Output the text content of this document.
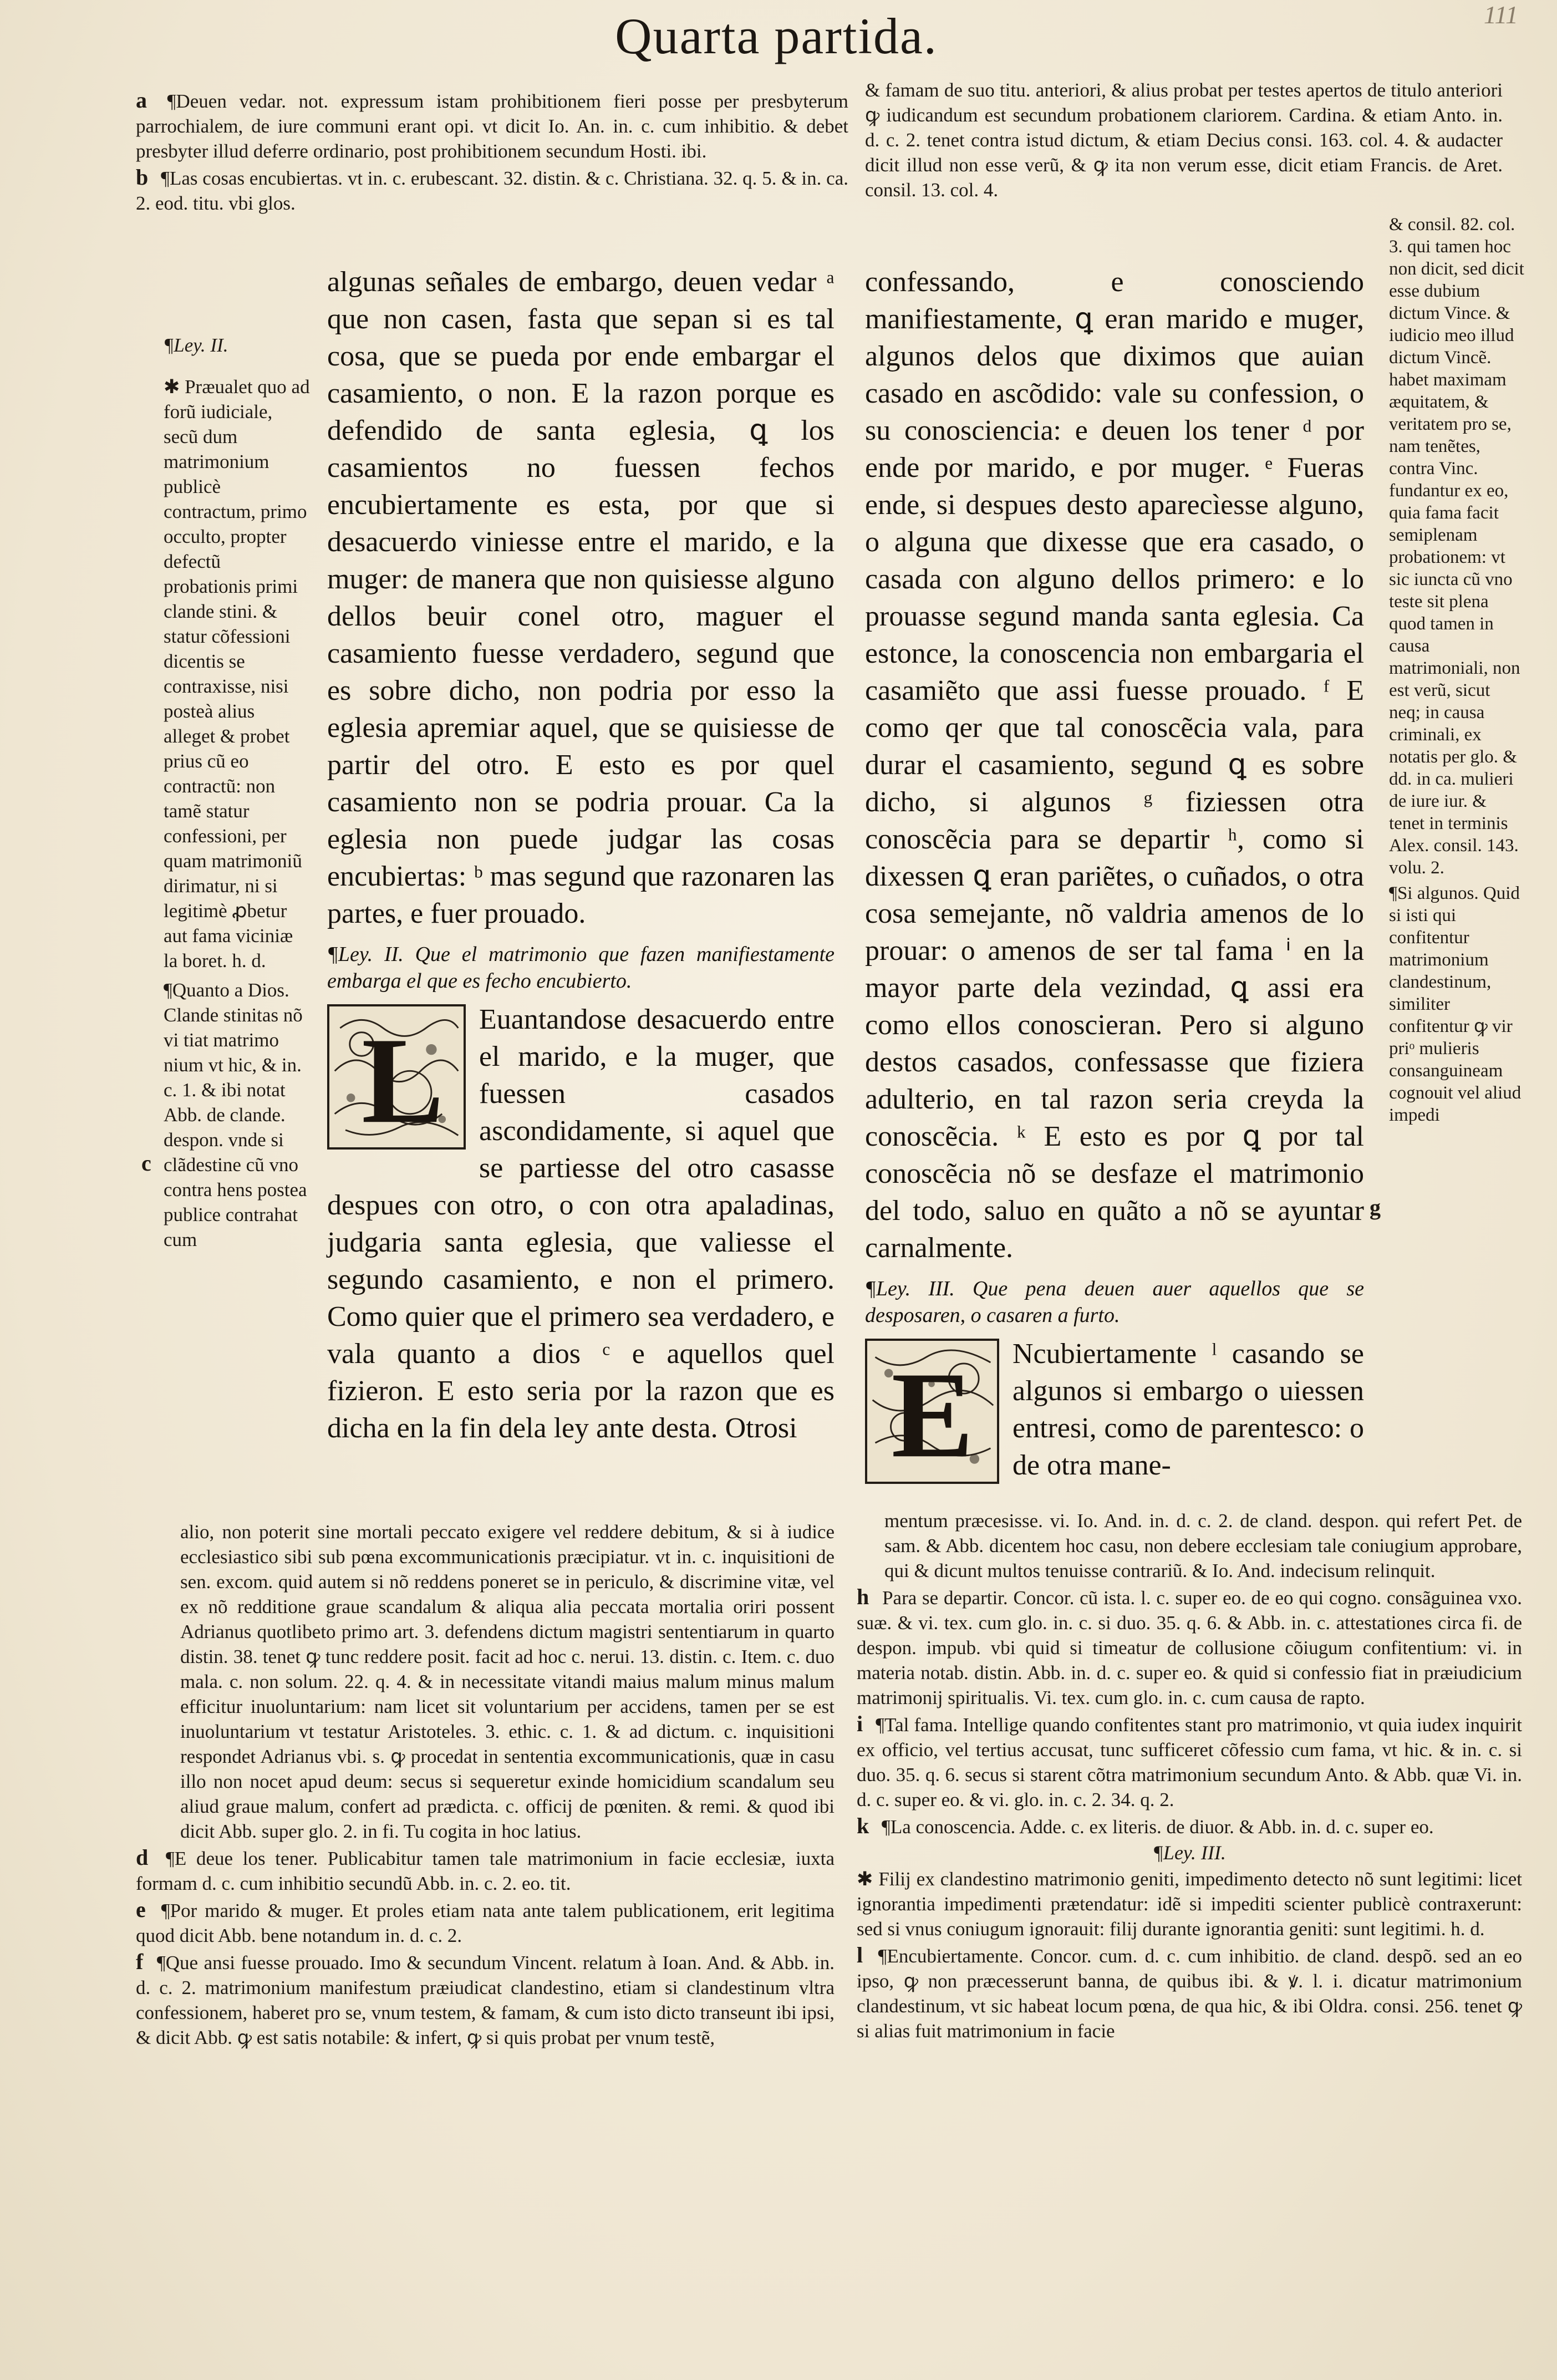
Quarta partida.	111

a ¶Deuen vedar. not. expressum istam prohibitionem fieri posse per presbyterum parrochialem, de iure communi erant opi. vt dicit Io. An. in. c. cum inhibitio. & debet presbyter illud deferre ordinario, post prohibitionem secundum Hosti. ibi.

b ¶Las cosas encubiertas. vt in. c. erubescant. 32. distin. & c. Christiana. 32. q. 5. & in. ca. 2. eod. titu. vbi glos.

& famam de suo titu. anteriori, & alius probat per testes apertos de titulo anteriori ꝙ iudicandum est secundum probationem clariorem. Cardina. & etiam Anto. in. d. c. 2. tenet contra istud dictum, & etiam Decius consi. 163. col. 4. & audacter dicit illud non esse verũ, & ꝙ ita non verum esse, dicit etiam Francis. de Aret. consil. 13. col. 4.

¶Ley. II.
✱ Præualet quo ad forũ iudiciale, secũ dum matrimonium publicè contractum, primo occulto, propter defectũ probationis primi clande stini. & statur cõfessioni dicentis se contraxisse, nisi posteà alius alleget & probet prius cũ eo contractũ: non tamẽ statur confessioni, per quam matrimoniũ dirimatur, ni si legitimè ꝓbetur aut fama viciniæ la boret. h. d.
¶Quanto a Dios. Clande stinitas nõ vi tiat matrimo nium vt hic, & in. c. 1. & ibi notat Abb. de clande. despon. vnde si clãdestine cũ vno contra hens postea publice contrahat cum
c

algunas señales de embargo, deuen vedar ᵃ que non casen, fasta que sepan si es tal cosa, que se pueda por ende embargar el casamiento, o non. E la razon porque es defendido de santa eglesia, ꝗ los casamientos no fuessen fechos encubiertamente es esta, por que si desacuerdo viniesse entre el marido, e la muger: de manera que non quisiesse alguno dellos beuir conel otro, maguer el casamiento fuesse verdadero, segund que es sobre dicho, non podria por esso la eglesia apremiar aquel, que se quisiesse de partir del otro. E esto es por quel casamiento non se podria prouar. Ca la eglesia non puede judgar las cosas encubiertas: ᵇ mas segund que razonaren las partes, e fuer prouado.

¶Ley. II. Que el matrimonio que fazen manifiestamente embarga el que es fecho encubierto.

L	Euantandose desacuerdo entre el marido, e la muger, que fuessen casados ascondidamente, si aquel que se partiesse del otro casasse despues con otro, o con otra apaladinas, judgaria santa eglesia, que valiesse el segundo casamiento, e non el primero. Como quier que el primero sea verdadero, e vala quanto a dios ᶜ e aquellos quel fizieron. E esto seria por la razon que es dicha en la fin dela ley ante desta. Otrosi

confessando, e conosciendo manifiestamente, ꝗ eran marido e muger, algunos delos que diximos que auian casado en ascõdido: vale su confession, o su conosciencia: e deuen los tener ᵈ por ende por marido, e por muger. ᵉ Fueras ende, si despues desto aparecìesse alguno, o alguna que dixesse que era casado, o casada con alguno dellos primero: e lo prouasse segund manda santa eglesia. Ca estonce, la conoscencia non embargaria el casamiẽto que assi fuesse prouado. ᶠ E como qer que tal conoscẽcia vala, para durar el casamiento, segund ꝗ es sobre dicho, si algunos ᵍ fiziessen otra conoscẽcia para se departir ʰ, como si dixessen ꝗ eran pariẽtes, o cuñados, o otra cosa semejante, nõ valdria amenos de lo prouar: o amenos de ser tal fama ⁱ en la mayor parte dela vezindad, ꝗ assi era como ellos conoscieran. Pero si alguno destos casados, confessasse que fiziera adulterio, en tal razon seria creyda la conoscẽcia. ᵏ E esto es por ꝗ por tal conoscẽcia nõ se desfaze el matrimonio del todo, saluo en quãto a nõ se ayuntar carnalmente.

¶Ley. III. Que pena deuen auer aquellos que se desposaren, o casaren a furto.

E	Ncubiertamente ˡ casando se algunos si embargo o uiessen entresi, como de parentesco: o de otra mane-

& consil. 82. col. 3. qui tamen hoc non dicit, sed dicit esse dubium dictum Vince. & iudicio meo illud dictum Vincẽ. habet maximam æquitatem, & veritatem pro se, nam tenẽtes, contra Vinc. fundantur ex eo, quia fama facit semiplenam probationem: vt sic iuncta cũ vno teste sit plena quod tamen in causa matrimoniali, non est verũ, sicut neq; in causa criminali, ex notatis per glo. & dd. in ca. mulieri de iure iur. & tenet in terminis Alex. consil. 143. volu. 2.
¶Si algunos. Quid si isti qui confitentur matrimonium clandestinum, similiter confitentur ꝙ vir priᵒ mulieris consanguineam cognouit vel aliud impedi
g

alio, non poterit sine mortali peccato exigere vel reddere debitum, & si à iudice ecclesiastico sibi sub pœna excommunicationis præcipiatur. vt in. c. inquisitioni de sen. excom. quid autem si nõ reddens poneret se in periculo, & discrimine vitæ, vel ex nõ redditione graue scandalum & aliqua alia peccata mortalia oriri possent Adrianus quotlibeto primo art. 3. defendens dictum magistri sententiarum in quarto distin. 38. tenet ꝙ tunc reddere posit. facit ad hoc c. nerui. 13. distin. c. Item. c. duo mala. c. non solum. 22. q. 4. & in necessitate vitandi maius malum minus malum efficitur inuoluntarium: nam licet sit voluntarium per accidens, tamen per se est inuoluntarium vt testatur Aristoteles. 3. ethic. c. 1. & ad dictum. c. inquisitioni respondet Adrianus vbi. s. ꝙ procedat in sententia excommunicationis, quæ in casu illo non nocet apud deum: secus si sequeretur exinde homicidium scandalum seu aliud graue malum, confert ad prædicta. c. officij de pœniten. & remi. & quod ibi dicit Abb. super glo. 2. in fi. Tu cogita in hoc latius.

d ¶E deue los tener. Publicabitur tamen tale matrimonium in facie ecclesiæ, iuxta formam d. c. cum inhibitio secundũ Abb. in. c. 2. eo. tit.

e ¶Por marido & muger. Et proles etiam nata ante talem publicationem, erit legitima quod dicit Abb. bene notandum in. d. c. 2.

f ¶Que ansi fuesse prouado. Imo & secundum Vincent. relatum à Ioan. And. & Abb. in. d. c. 2. matrimonium manifestum præiudicat clandestino, etiam si clandestinum vltra confessionem, haberet pro se, vnum testem, & famam, & cum isto dicto transeunt ibi ipsi, & dicit Abb. ꝙ est satis notabile: & infert, ꝙ si quis probat per vnum testẽ,

mentum præcesisse. vi. Io. And. in. d. c. 2. de cland. despon. qui refert Pet. de sam. & Abb. dicentem hoc casu, non debere ecclesiam tale coniugium approbare, qui & dicunt multos tenuisse contrariũ. & Io. And. indecisum relinquit.

h Para se departir. Concor. cũ ista. l. c. super eo. de eo qui cogno. consãguinea vxo. suæ. & vi. tex. cum glo. in. c. si duo. 35. q. 6. & Abb. in. c. attestationes circa fi. de despon. impub. vbi quid si timeatur de collusione cõiugum confitentium: vi. in materia notab. distin. Abb. in. d. c. super eo. & quid si confessio fiat in præiudicium matrimonij spiritualis. Vi. tex. cum glo. in. c. cum causa de rapto.

i ¶Tal fama. Intellige quando confitentes stant pro matrimonio, vt quia iudex inquirit ex officio, vel tertius accusat, tunc sufficeret cõfessio cum fama, vt hic. & in. c. si duo. 35. q. 6. secus si starent cõtra matrimonium secundum Anto. & Abb. quæ Vi. in. d. c. super eo. & vi. glo. in. c. 2. 34. q. 2.

k ¶La conoscencia. Adde. c. ex literis. de diuor. & Abb. in. d. c. super eo.

¶Ley. III.

✱ Filij ex clandestino matrimonio geniti, impedimento detecto nõ sunt legitimi: licet ignorantia impedimenti prætendatur: idẽ si impediti scienter publicè contraxerunt: sed si vnus coniugum ignorauit: filij durante ignorantia geniti: sunt legitimi. h. d.

l ¶Encubiertamente. Concor. cum. d. c. cum inhibitio. de cland. despõ. sed an eo ipso, ꝙ non præcesserunt banna, de quibus ibi. & ꝟ. l. i. dicatur matrimonium clandestinum, vt sic habeat locum pœna, de qua hic, & ibi Oldra. consi. 256. tenet ꝙ si alias fuit matrimonium in facie
